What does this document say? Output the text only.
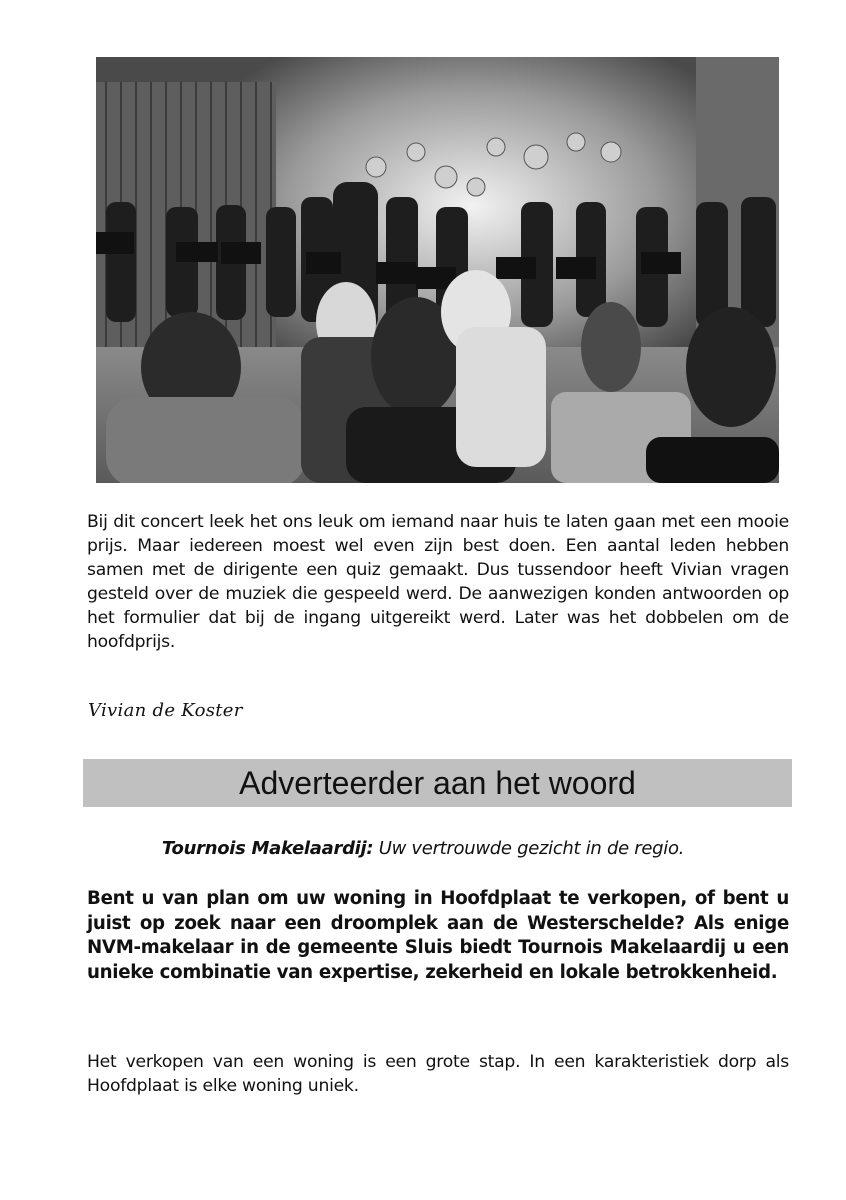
Bij dit concert leek het ons leuk om iemand naar huis te laten gaan met een mooie prijs. Maar iedereen moest wel even zijn best doen. Een aantal leden hebben samen met de dirigente een quiz gemaakt. Dus tussendoor heeft Vivian vragen gesteld over de muziek die gespeeld werd. De aanwezigen konden antwoorden op het formulier dat bij de ingang uitgereikt werd. Later was het dobbelen om de hoofdprijs.
Vivian de Koster
Adverteerder aan het woord
Tournois Makelaardij: Uw vertrouwde gezicht in de regio.
Bent u van plan om uw woning in Hoofdplaat te verkopen, of bent u juist op zoek naar een droomplek aan de Westerschelde? Als enige NVM-makelaar in de gemeente Sluis biedt Tournois Makelaardij u een unieke combinatie van expertise, zekerheid en lokale betrokkenheid.
Het verkopen van een woning is een grote stap. In een karakteristiek dorp als Hoofdplaat is elke woning uniek.
